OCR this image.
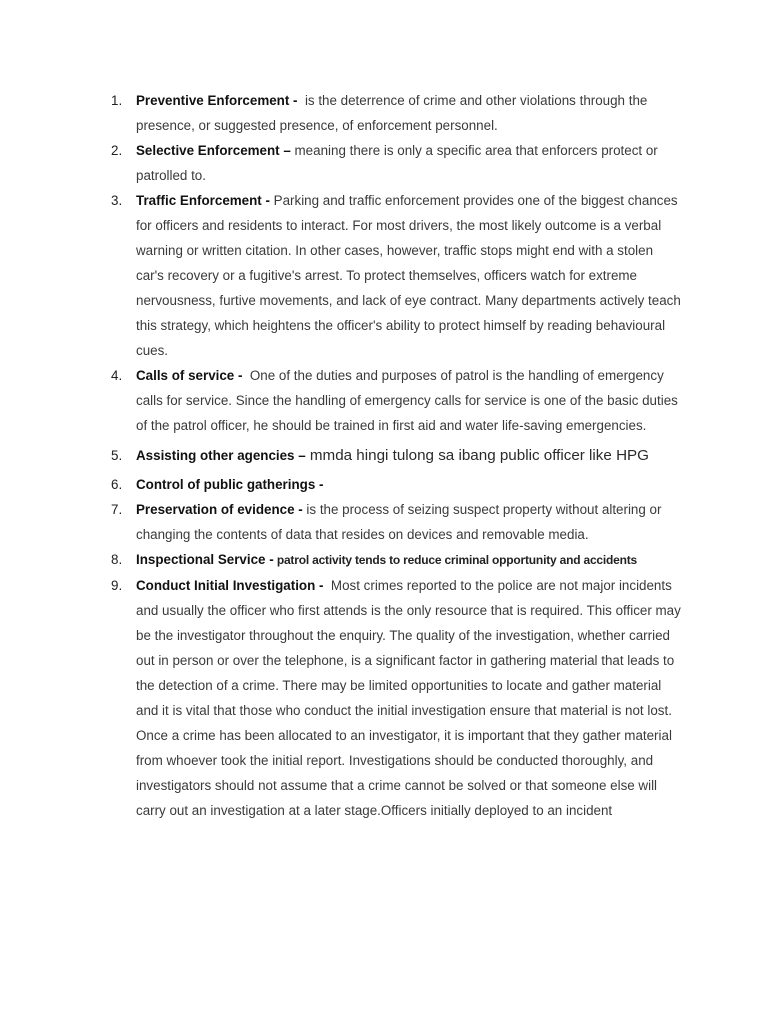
1. Preventive Enforcement -  is the deterrence of crime and other violations through the presence, or suggested presence, of enforcement personnel.
2. Selective Enforcement – meaning there is only a specific area that enforcers protect or patrolled to.
3. Traffic Enforcement - Parking and traffic enforcement provides one of the biggest chances for officers and residents to interact. For most drivers, the most likely outcome is a verbal warning or written citation. In other cases, however, traffic stops might end with a stolen car's recovery or a fugitive's arrest. To protect themselves, officers watch for extreme nervousness, furtive movements, and lack of eye contract. Many departments actively teach this strategy, which heightens the officer's ability to protect himself by reading behavioural cues.
4. Calls of service -  One of the duties and purposes of patrol is the handling of emergency calls for service. Since the handling of emergency calls for service is one of the basic duties of the patrol officer, he should be trained in first aid and water life-saving emergencies.
5. Assisting other agencies – mmda hingi tulong sa ibang public officer like HPG
6. Control of public gatherings -
7. Preservation of evidence - is the process of seizing suspect property without altering or changing the contents of data that resides on devices and removable media.
8. Inspectional Service - patrol activity tends to reduce criminal opportunity and accidents
9. Conduct Initial Investigation -  Most crimes reported to the police are not major incidents and usually the officer who first attends is the only resource that is required. This officer may be the investigator throughout the enquiry. The quality of the investigation, whether carried out in person or over the telephone, is a significant factor in gathering material that leads to the detection of a crime. There may be limited opportunities to locate and gather material and it is vital that those who conduct the initial investigation ensure that material is not lost. Once a crime has been allocated to an investigator, it is important that they gather material from whoever took the initial report. Investigations should be conducted thoroughly, and investigators should not assume that a crime cannot be solved or that someone else will carry out an investigation at a later stage.Officers initially deployed to an incident
